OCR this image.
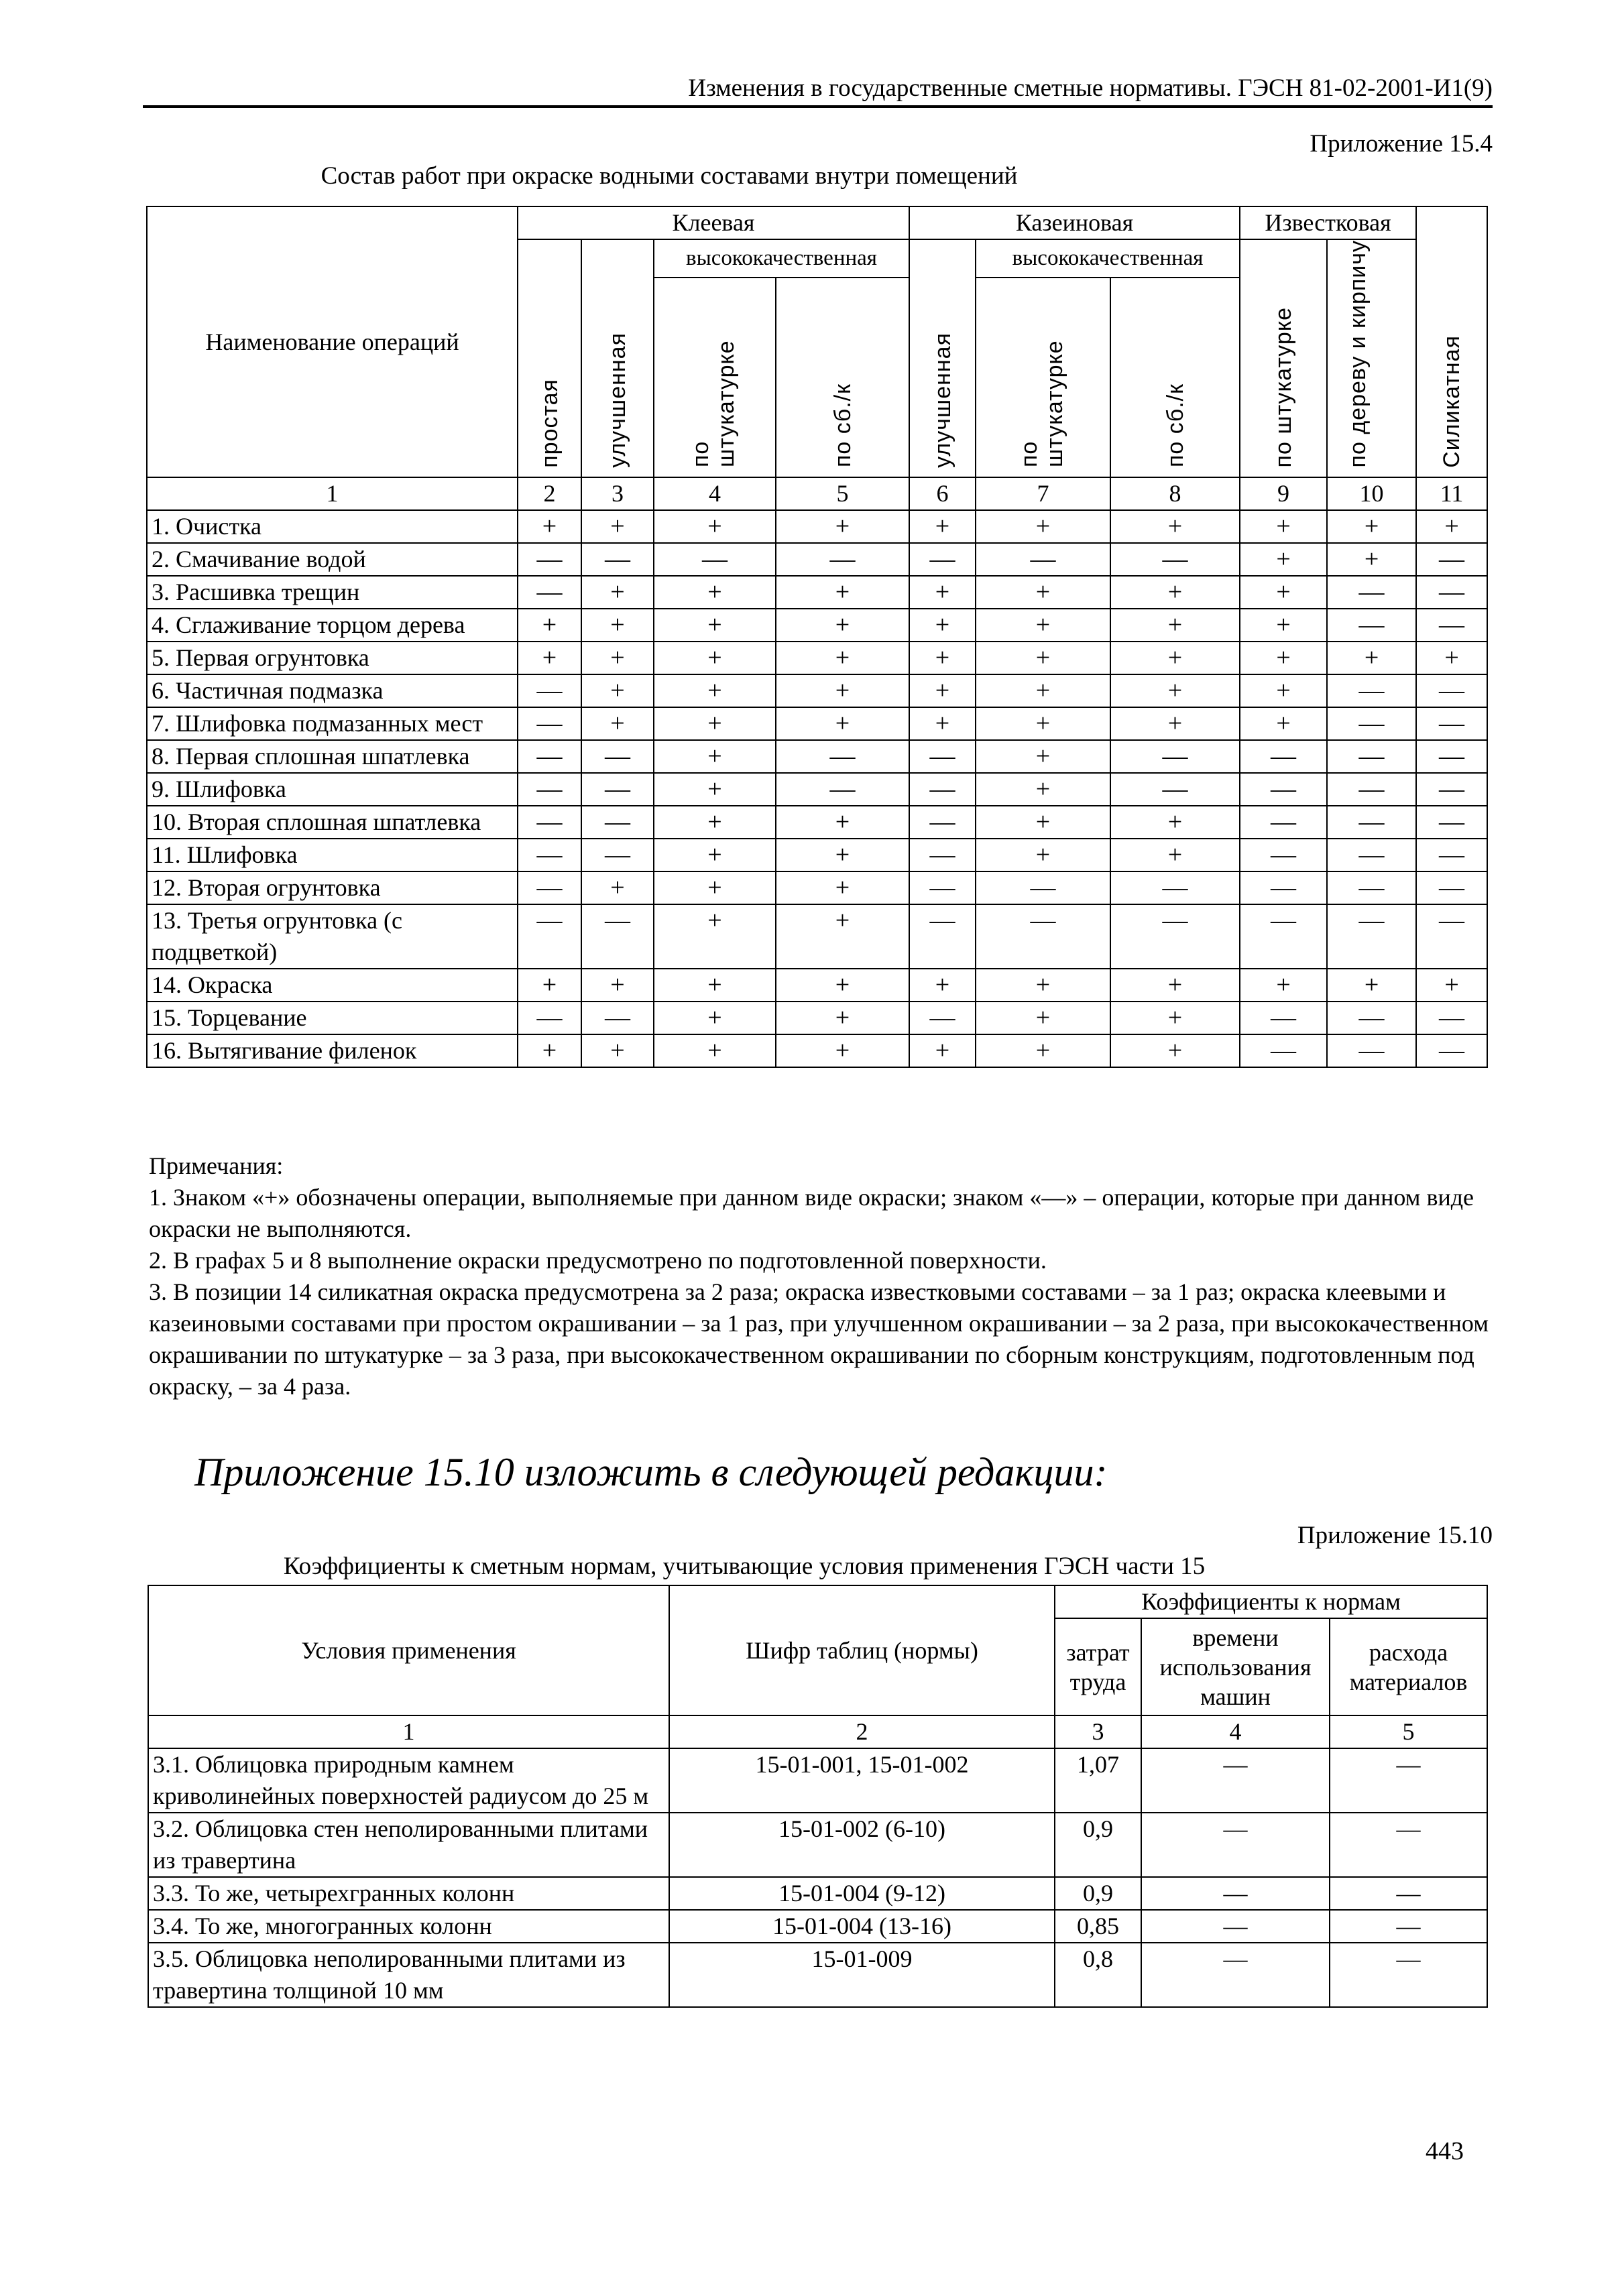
Изменения в государственные сметные нормативы. ГЭСН 81-02-2001-И1(9)
Приложение 15.4
Состав работ при окраске водными составами внутри помещений
Наименование операций	Клеевая				Казеиновая			Известковая		Силикатная

	простая	улучшенная	высококачественная		улучшенная	высококачественная		по штукатурке	по дереву и кирпичу	

			по штукатурке	по сб./к		по штукатурке	по сб./к			

1	2	3	4	5	6	7	8	9	10	11
1. Очистка	+	+	+	+	+	+	+	+	+	+
2. Смачивание водой	—	—	—	—	—	—	—	+	+	—
3. Расшивка трещин	—	+	+	+	+	+	+	+	—	—
4. Сглаживание торцом дерева	+	+	+	+	+	+	+	+	—	—
5. Первая огрунтовка	+	+	+	+	+	+	+	+	+	+
6. Частичная подмазка	—	+	+	+	+	+	+	+	—	—
7. Шлифовка подмазанных мест	—	+	+	+	+	+	+	+	—	—
8. Первая сплошная шпатлевка	—	—	+	—	—	+	—	—	—	—
9. Шлифовка	—	—	+	—	—	+	—	—	—	—
10. Вторая сплошная шпатлевка	—	—	+	+	—	+	+	—	—	—
11. Шлифовка	—	—	+	+	—	+	+	—	—	—
12. Вторая огрунтовка	—	+	+	+	—	—	—	—	—	—
13. Третья огрунтовка (с подцветкой)	—	—	+	+	—	—	—	—	—	—
14. Окраска	+	+	+	+	+	+	+	+	+	+
15. Торцевание	—	—	+	+	—	+	+	—	—	—
16. Вытягивание филенок	+	+	+	+	+	+	+	—	—	—

Примечания:

1. Знаком «+» обозначены операции, выполняемые при данном виде окраски; знаком «—» – операции, которые при данном виде окраски не выполняются.

2. В графах 5 и 8 выполнение окраски предусмотрено по подготовленной поверхности.

3. В позиции 14 силикатная окраска предусмотрена за 2 раза; окраска известковыми составами – за 1 раз; окраска клеевыми и казеиновыми составами при простом окрашивании – за 1 раз, при улучшенном окрашивании – за 2 раза, при высококачественном окрашивании по штукатурке – за 3 раза, при высококачественном окрашивании по сборным конструкциям, подготовленным под окраску, – за 4 раза.

Приложение 15.10 изложить в следующей редакции:
Приложение 15.10
Коэффициенты к сметным нормам, учитывающие условия применения ГЭСН части 15
Условия применения	Шифр таблиц (нормы)	Коэффициенты к нормам		
		затрат труда	времени использования машин	расхода материалов
1	2	3	4	5
3.1. Облицовка природным камнем криволинейных поверхностей радиусом до 25 м	15-01-001, 15-01-002	1,07	—	—
3.2. Облицовка стен неполированными плитами из травертина	15-01-002 (6-10)	0,9	—	—
3.3. То же, четырехгранных колонн	15-01-004 (9-12)	0,9	—	—
3.4. То же, многогранных колонн	15-01-004 (13-16)	0,85	—	—
3.5. Облицовка неполированными плитами из травертина толщиной 10 мм	15-01-009	0,8	—	—
443
